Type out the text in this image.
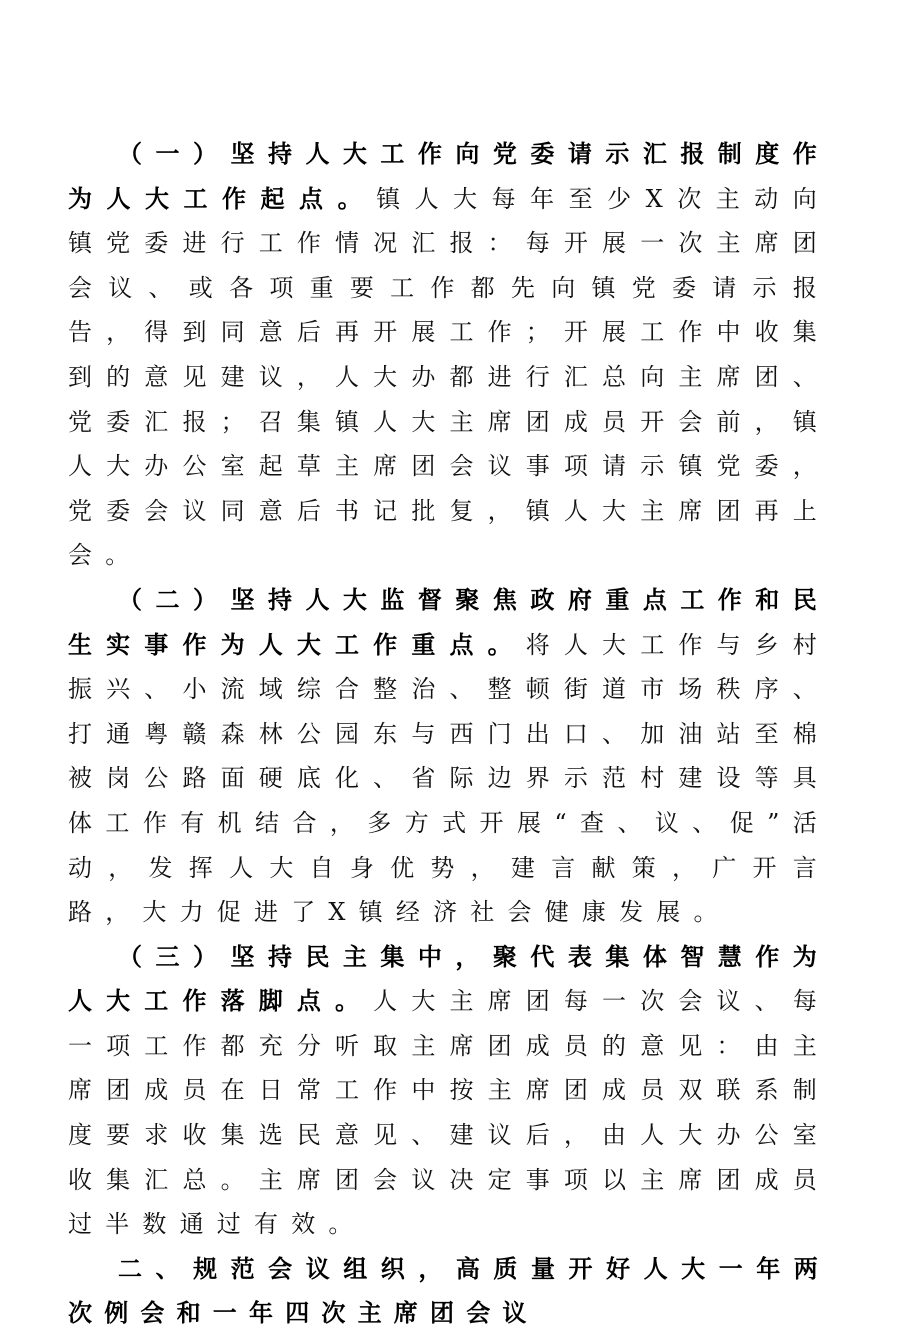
（一）坚持人大工作向党委请示汇报制度作为人大工作起点。镇人大每年至少X次主动向镇党委进行工作情况汇报：每开展一次主席团会议、或各项重要工作都先向镇党委请示报告，得到同意后再开展工作；开展工作中收集到的意见建议，人大办都进行汇总向主席团、党委汇报；召集镇人大主席团成员开会前，镇人大办公室起草主席团会议事项请示镇党委，党委会议同意后书记批复，镇人大主席团再上会。

（二）坚持人大监督聚焦政府重点工作和民生实事作为人大工作重点。将人大工作与乡村振兴、小流域综合整治、整顿街道市场秩序、打通粤赣森林公园东与西门出口、加油站至棉被岗公路面硬底化、省际边界示范村建设等具体工作有机结合，多方式开展“查、议、促”活动，发挥人大自身优势，建言献策，广开言路，大力促进了X镇经济社会健康发展。

（三）坚持民主集中，聚代表集体智慧作为人大工作落脚点。人大主席团每一次会议、每一项工作都充分听取主席团成员的意见：由主席团成员在日常工作中按主席团成员双联系制度要求收集选民意见、建议后，由人大办公室收集汇总。主席团会议决定事项以主席团成员过半数通过有效。

二、规范会议组织，高质量开好人大一年两次例会和一年四次主席团会议
